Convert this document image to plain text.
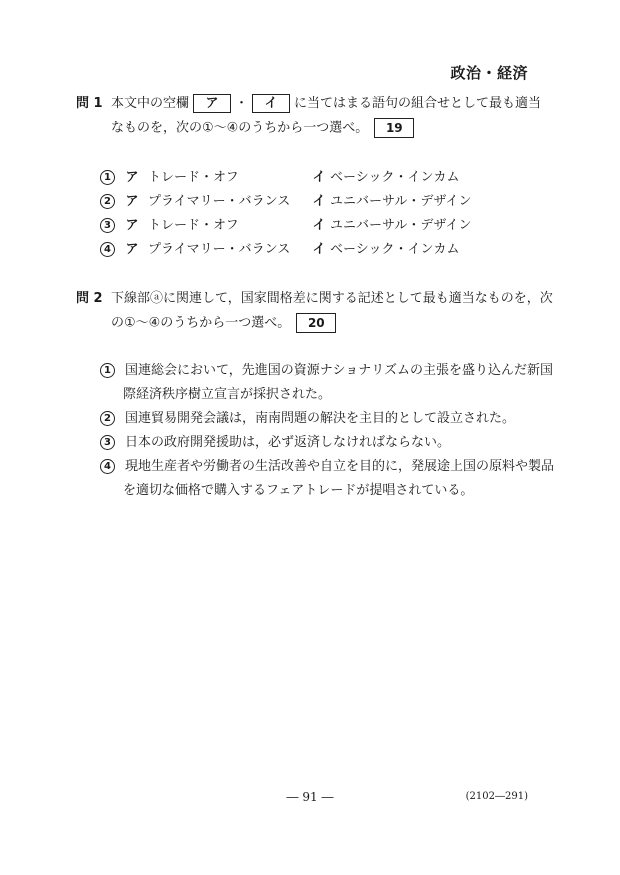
政治・経済
問 1 本文中の空欄 ア ・ イ に当てはまる語句の組合せとして最も適当
なものを，次の①～④のうちから一つ選べ。 19
1 ア トレード・オフ	イ ベーシック・インカム
2 ア プライマリー・バランス イ ユニバーサル・デザイン
3 ア トレード・オフ	イ ユニバーサル・デザイン
4 ア プライマリー・バランス イ ベーシック・インカム
問 2 下線部ⓐに関連して，国家間格差に関する記述として最も適当なものを，次
の①～④のうちから一つ選べ。 20
1 国連総会において，先進国の資源ナショナリズムの主張を盛り込んだ新国
際経済秩序樹立宣言が採択された。
2 国連貿易開発会議は，南南問題の解決を主目的として設立された。
3 日本の政府開発援助は，必ず返済しなければならない。
4 現地生産者や労働者の生活改善や自立を目的に，発展途上国の原料や製品
を適切な価格で購入するフェアトレードが提唱されている。
― 91 ―	(2102―291)
